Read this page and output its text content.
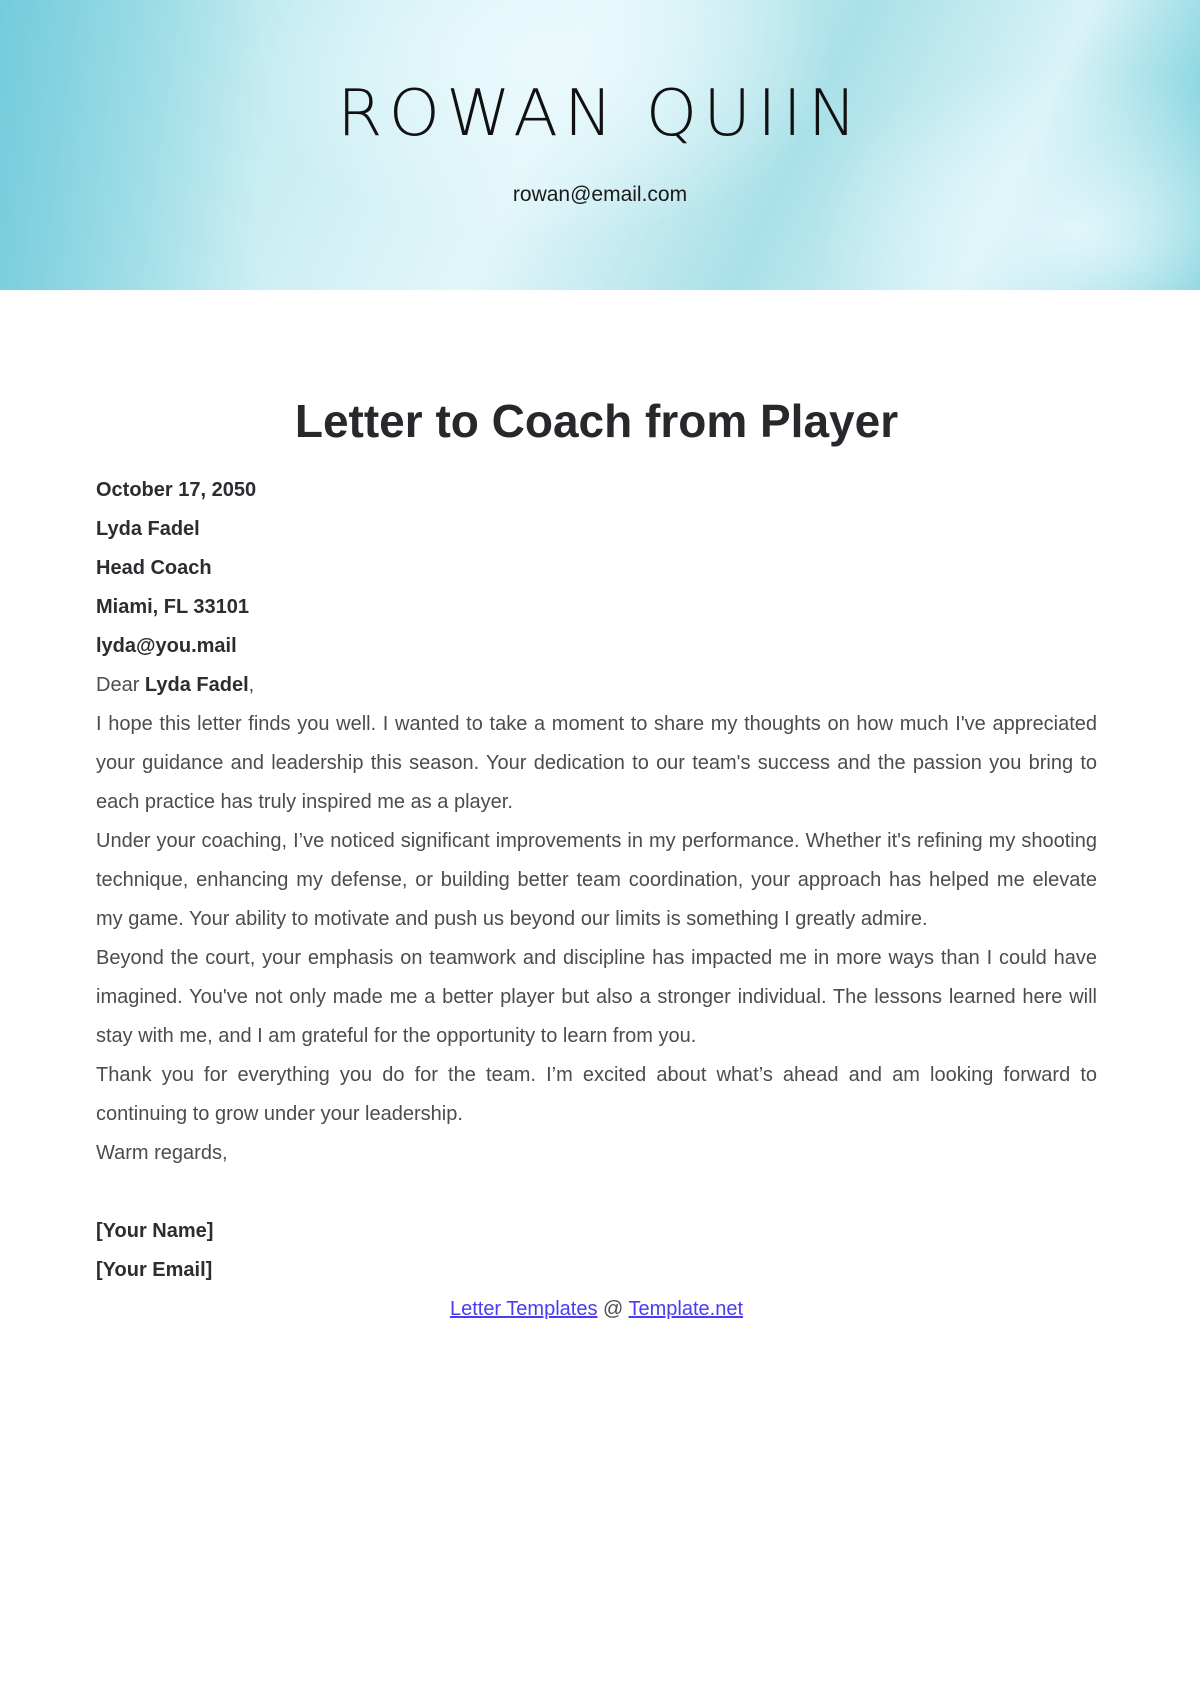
ROWAN QUIIN
rowan@email.com
Letter to Coach from Player

October 17, 2050

Lyda Fadel

Head Coach

Miami, FL 33101

lyda@you.mail

Dear Lyda Fadel,

I hope this letter finds you well. I wanted to take a moment to share my thoughts on how much I've appreciated your guidance and leadership this season. Your dedication to our team's success and the passion you bring to each practice has truly inspired me as a player.

Under your coaching, I’ve noticed significant improvements in my performance. Whether it's refining my shooting technique, enhancing my defense, or building better team coordination, your approach has helped me elevate my game. Your ability to motivate and push us beyond our limits is something I greatly admire.

Beyond the court, your emphasis on teamwork and discipline has impacted me in more ways than I could have imagined. You've not only made me a better player but also a stronger individual. The lessons learned here will stay with me, and I am grateful for the opportunity to learn from you.

Thank you for everything you do for the team. I’m excited about what’s ahead and am looking forward to continuing to grow under your leadership.

Warm regards,

[Your Name]

[Your Email]

Letter Templates @ Template.net
